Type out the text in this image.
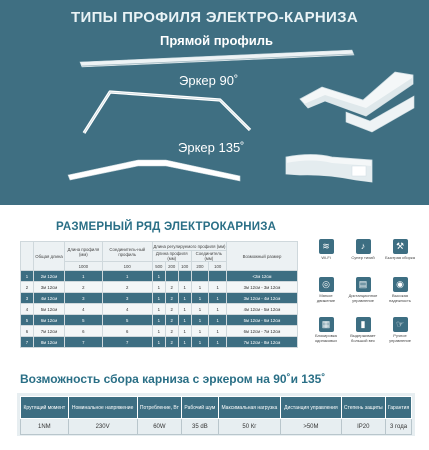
ТИПЫ ПРОФИЛЯ ЭЛЕКТРО-КАРНИЗА
Прямой профиль
Эркер 90˚
Эркер 135˚
РАЗМЕРНЫЙ РЯД ЭЛЕКТРОКАРНИЗА
	Общая длина	Длина профиля (мм)	Соединитель-ный профиль	Длина регулируемого профиля (мм)					Возможный размер
				Длина профиля (мм)			Соединитель (мм)		
		1000	100	500	200	100	200	100	
1	2м 12см	1	1	1					<2м 12см
2	3м 12см	2	2	1	2	1	1	1	3м 12см - 3м 12см
3	4м 12см	3	3	1	2	1	1	1	3м 12см - 4м 12см
4	5м 12см	4	4	1	2	1	1	1	4м 12см - 5м 12см
5	6м 12см	5	5	1	2	1	1	1	5м 12см - 6м 12см
6	7м 12см	6	6	1	2	1	1	1	6м 12см - 7м 12см
7	8м 12см	7	7	1	2	1	1	1	7м 12см - 8м 12см
≋
Wi-Fi
♪
Супер тихий
⚒
Быстрая сборка
◎
Мягкое движение
▤
Дистанционное управление
◉
Высокая надежность
▦
Блокировка одинаковых
▮
Выдерживает большой вес
☞
Ручное управление
Возможность сбора карниза с эркером на 90˚и 135˚
Крутящий момент	Номинальное напряжение	Потребление, Вт	Рабочий шум	Максимальная нагрузка	Дистанция управления	Степень защиты	Гарантия
1NM	230V	60W	35 dB	50 Кг	>50M	IP20	3 года
